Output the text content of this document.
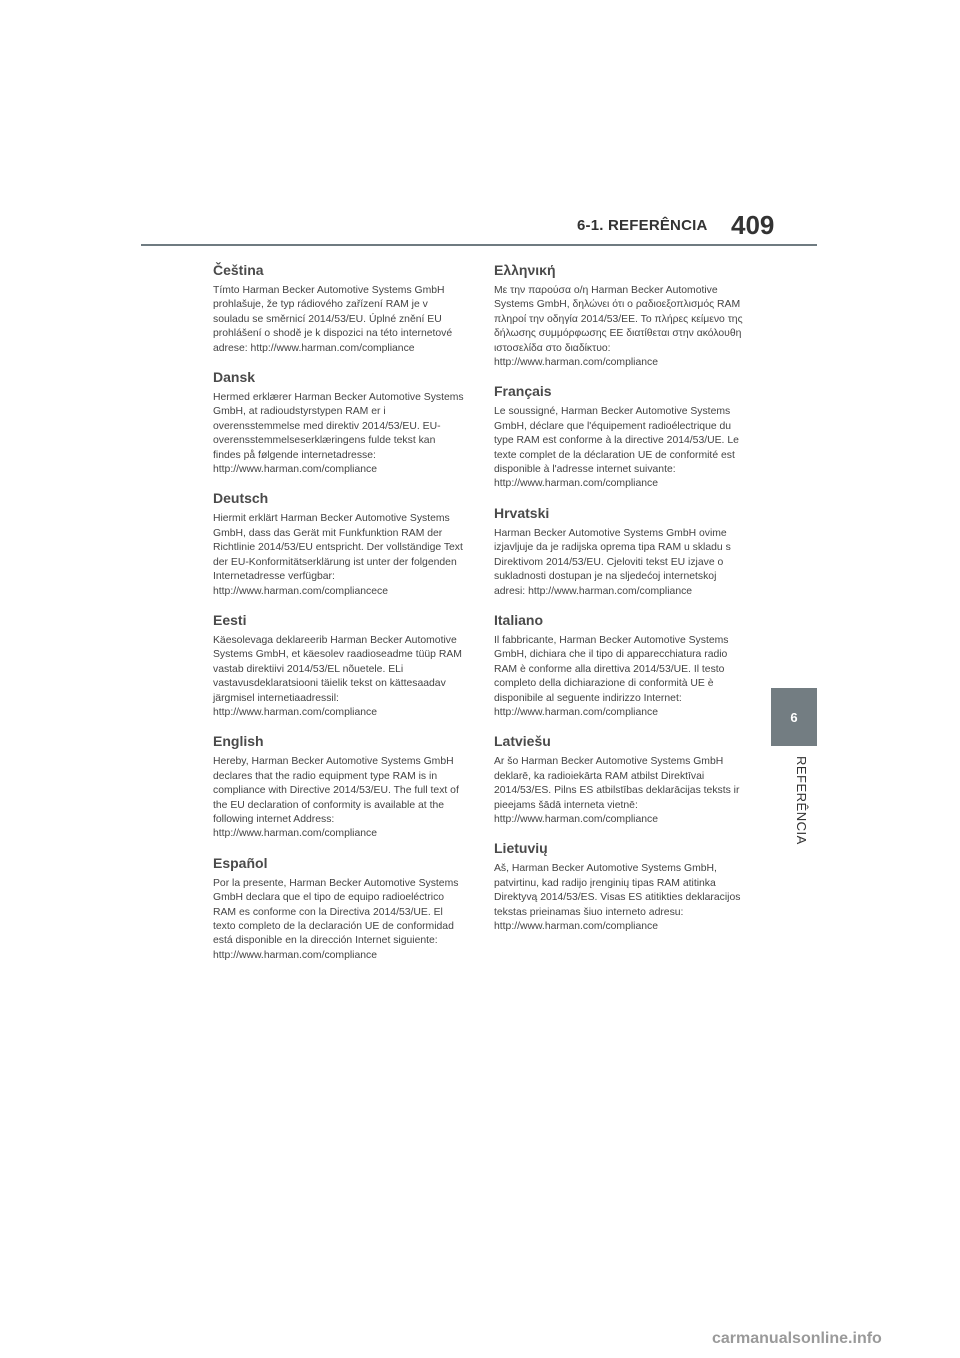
6-1. REFERÊNCIA 409
6
REFERÊNCIA
Čeština

Tímto Harman Becker Automotive Systems GmbH prohlašuje, že typ rádiového zařízení RAM je v souladu se směrnicí 2014/53/EU. Úplné znění EU prohlášení o shodě je k dispozici na této internetové adrese: http://www.harman.com/compliance

Dansk

Hermed erklærer Harman Becker Automotive Systems GmbH, at radioudstyrstypen RAM er i overensstemmelse med direktiv 2014/53/EU. EU-overensstemmelseserklæringens fulde tekst kan findes på følgende internetadresse: http://www.harman.com/compliance

Deutsch

Hiermit erklärt Harman Becker Automotive Systems GmbH, dass das Gerät mit Funkfunktion RAM der Richtlinie 2014/53/EU entspricht. Der vollständige Text der EU-Konformitätserklärung ist unter der folgenden Internetadresse verfügbar: http://www.harman.com/compliancece

Eesti

Käesolevaga deklareerib Harman Becker Automotive Systems GmbH, et käesolev raadioseadme tüüp RAM vastab direktiivi 2014/53/EL nõuetele. ELi vastavusdeklaratsiooni täielik tekst on kättesaadav järgmisel internetiaadressil: http://www.harman.com/compliance

English

Hereby, Harman Becker Automotive Systems GmbH declares that the radio equipment type RAM is in compliance with Directive 2014/53/EU. The full text of the EU declaration of conformity is available at the following internet Address: http://www.harman.com/compliance

Español

Por la presente, Harman Becker Automotive Systems GmbH declara que el tipo de equipo radioeléctrico RAM es conforme con la Directiva 2014/53/UE. El texto completo de la declaración UE de conformidad está disponible en la dirección Internet siguiente: http://www.harman.com/compliance

Ελληνική

Με την παρούσα ο/η Harman Becker Automotive Systems GmbH, δηλώνει ότι ο ραδιοεξοπλισμός RAM πληροί την οδηγία 2014/53/ΕΕ. Το πλήρες κείμενο της δήλωσης συμμόρφωσης ΕΕ διατίθεται στην ακόλουθη ιστοσελίδα στο διαδίκτυο: http://www.harman.com/compliance

Français

Le soussigné, Harman Becker Automotive Systems GmbH, déclare que l'équipement radioélectrique du type RAM est conforme à la directive 2014/53/UE. Le texte complet de la déclaration UE de conformité est disponible à l'adresse internet suivante: http://www.harman.com/compliance

Hrvatski

Harman Becker Automotive Systems GmbH ovime izjavljuje da je radijska oprema tipa RAM u skladu s Direktivom 2014/53/EU. Cjeloviti tekst EU izjave o sukladnosti dostupan je na sljedećoj internetskoj adresi: http://www.harman.com/compliance

Italiano

Il fabbricante, Harman Becker Automotive Systems GmbH, dichiara che il tipo di apparecchiatura radio RAM è conforme alla direttiva 2014/53/UE. Il testo completo della dichiarazione di conformità UE è disponibile al seguente indirizzo Internet: http://www.harman.com/compliance

Latviešu

Ar šo Harman Becker Automotive Systems GmbH deklarē, ka radioiekārta RAM atbilst Direktīvai 2014/53/ES. Pilns ES atbilstības deklarācijas teksts ir pieejams šādā interneta vietnē: http://www.harman.com/compliance

Lietuvių

Aš, Harman Becker Automotive Systems GmbH, patvirtinu, kad radijo įrenginių tipas RAM atitinka Direktyvą 2014/53/ES. Visas ES atitikties deklaracijos tekstas prieinamas šiuo interneto adresu: http://www.harman.com/compliance

carmanualsonline.info
